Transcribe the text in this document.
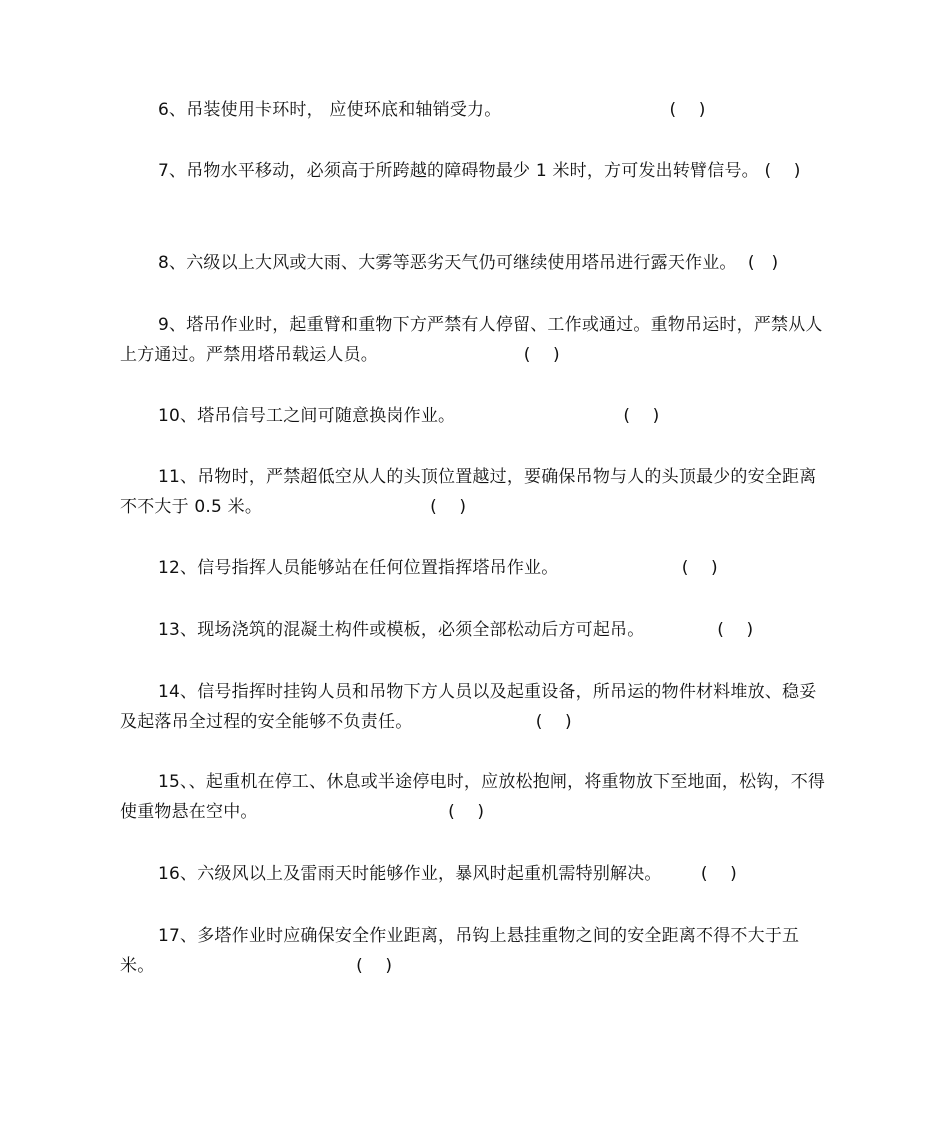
6、吊装使用卡环时， 应使环底和轴销受力。	(    )
7、吊物水平移动，必须高于所跨越的障碍物最少 1 米时，方可发出转臂信号。 (    )
8、六级以上大风或大雨、大雾等恶劣天气仍可继续使用塔吊进行露天作业。 (   )
9、塔吊作业时，起重臂和重物下方严禁有人停留、工作或通过。重物吊运时，严禁从人上方通过。严禁用塔吊载运人员。	(    )
10、塔吊信号工之间可随意换岗作业。	(    )
11、吊物时，严禁超低空从人的头顶位置越过，要确保吊物与人的头顶最少的安全距离不不大于 0.5 米。	(    )
12、信号指挥人员能够站在任何位置指挥塔吊作业。	(    )
13、现场浇筑的混凝土构件或模板，必须全部松动后方可起吊。	(    )
14、信号指挥时挂钩人员和吊物下方人员以及起重设备，所吊运的物件材料堆放、稳妥及起落吊全过程的安全能够不负责任。	(    )
15、、起重机在停工、休息或半途停电时，应放松抱闸，将重物放下至地面，松钩，不得使重物悬在空中。	(    )
16、六级风以上及雷雨天时能够作业，暴风时起重机需特别解决。 (    )
17、多塔作业时应确保安全作业距离，吊钩上悬挂重物之间的安全距离不得不大于五米。	(    )
